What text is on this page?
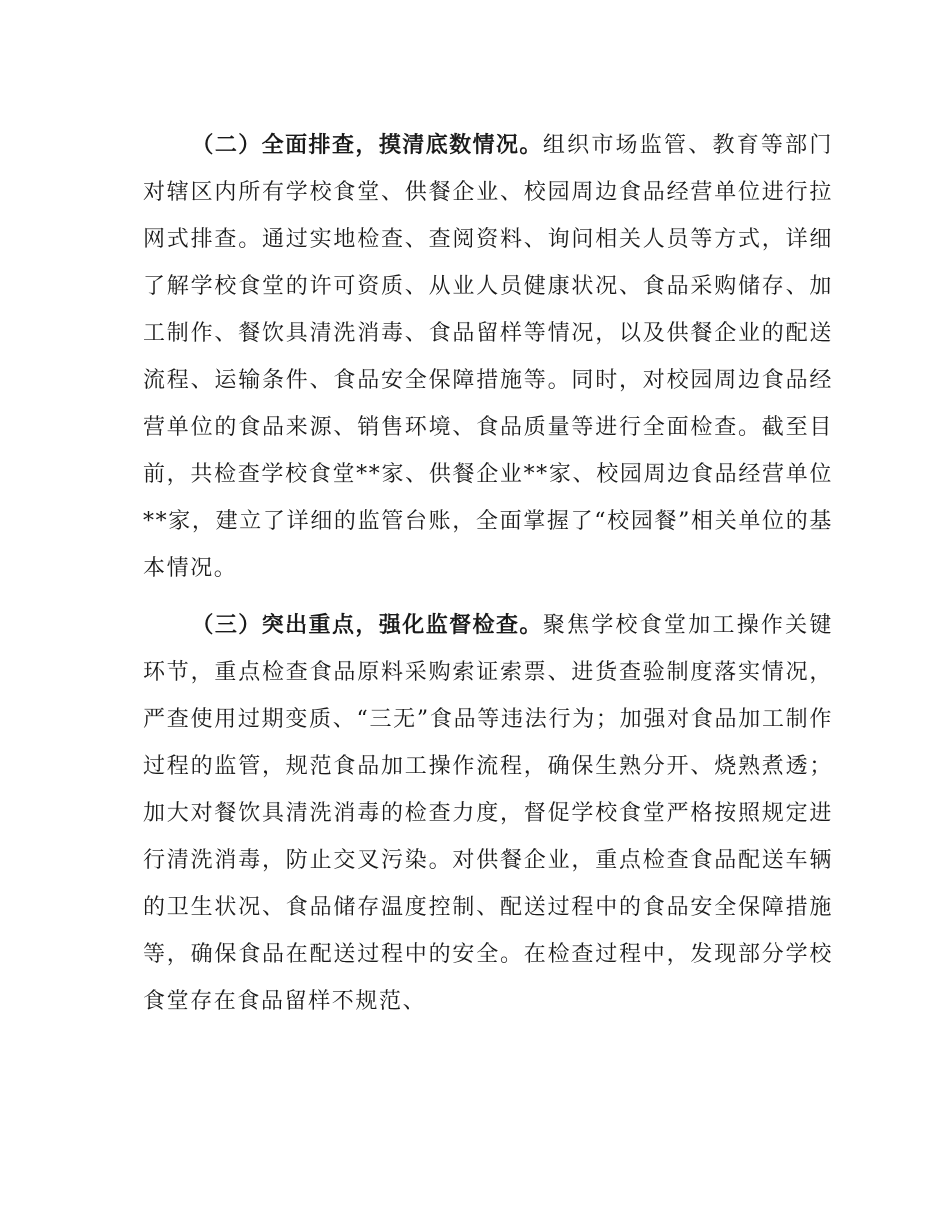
（二）全面排查，摸清底数情况。组织市场监管、教育等部门对辖区内所有学校食堂、供餐企业、校园周边食品经营单位进行拉网式排查。通过实地检查、查阅资料、询问相关人员等方式，详细了解学校食堂的许可资质、从业人员健康状况、食品采购储存、加工制作、餐饮具清洗消毒、食品留样等情况，以及供餐企业的配送流程、运输条件、食品安全保障措施等。同时，对校园周边食品经营单位的食品来源、销售环境、食品质量等进行全面检查。截至目前，共检查学校食堂**家、供餐企业**家、校园周边食品经营单位**家，建立了详细的监管台账，全面掌握了“校园餐”相关单位的基本情况。

（三）突出重点，强化监督检查。聚焦学校食堂加工操作关键环节，重点检查食品原料采购索证索票、进货查验制度落实情况，严查使用过期变质、“三无”食品等违法行为；加强对食品加工制作过程的监管，规范食品加工操作流程，确保生熟分开、烧熟煮透；加大对餐饮具清洗消毒的检查力度，督促学校食堂严格按照规定进行清洗消毒，防止交叉污染。对供餐企业，重点检查食品配送车辆的卫生状况、食品储存温度控制、配送过程中的食品安全保障措施等，确保食品在配送过程中的安全。在检查过程中，发现部分学校食堂存在食品留样不规范、
